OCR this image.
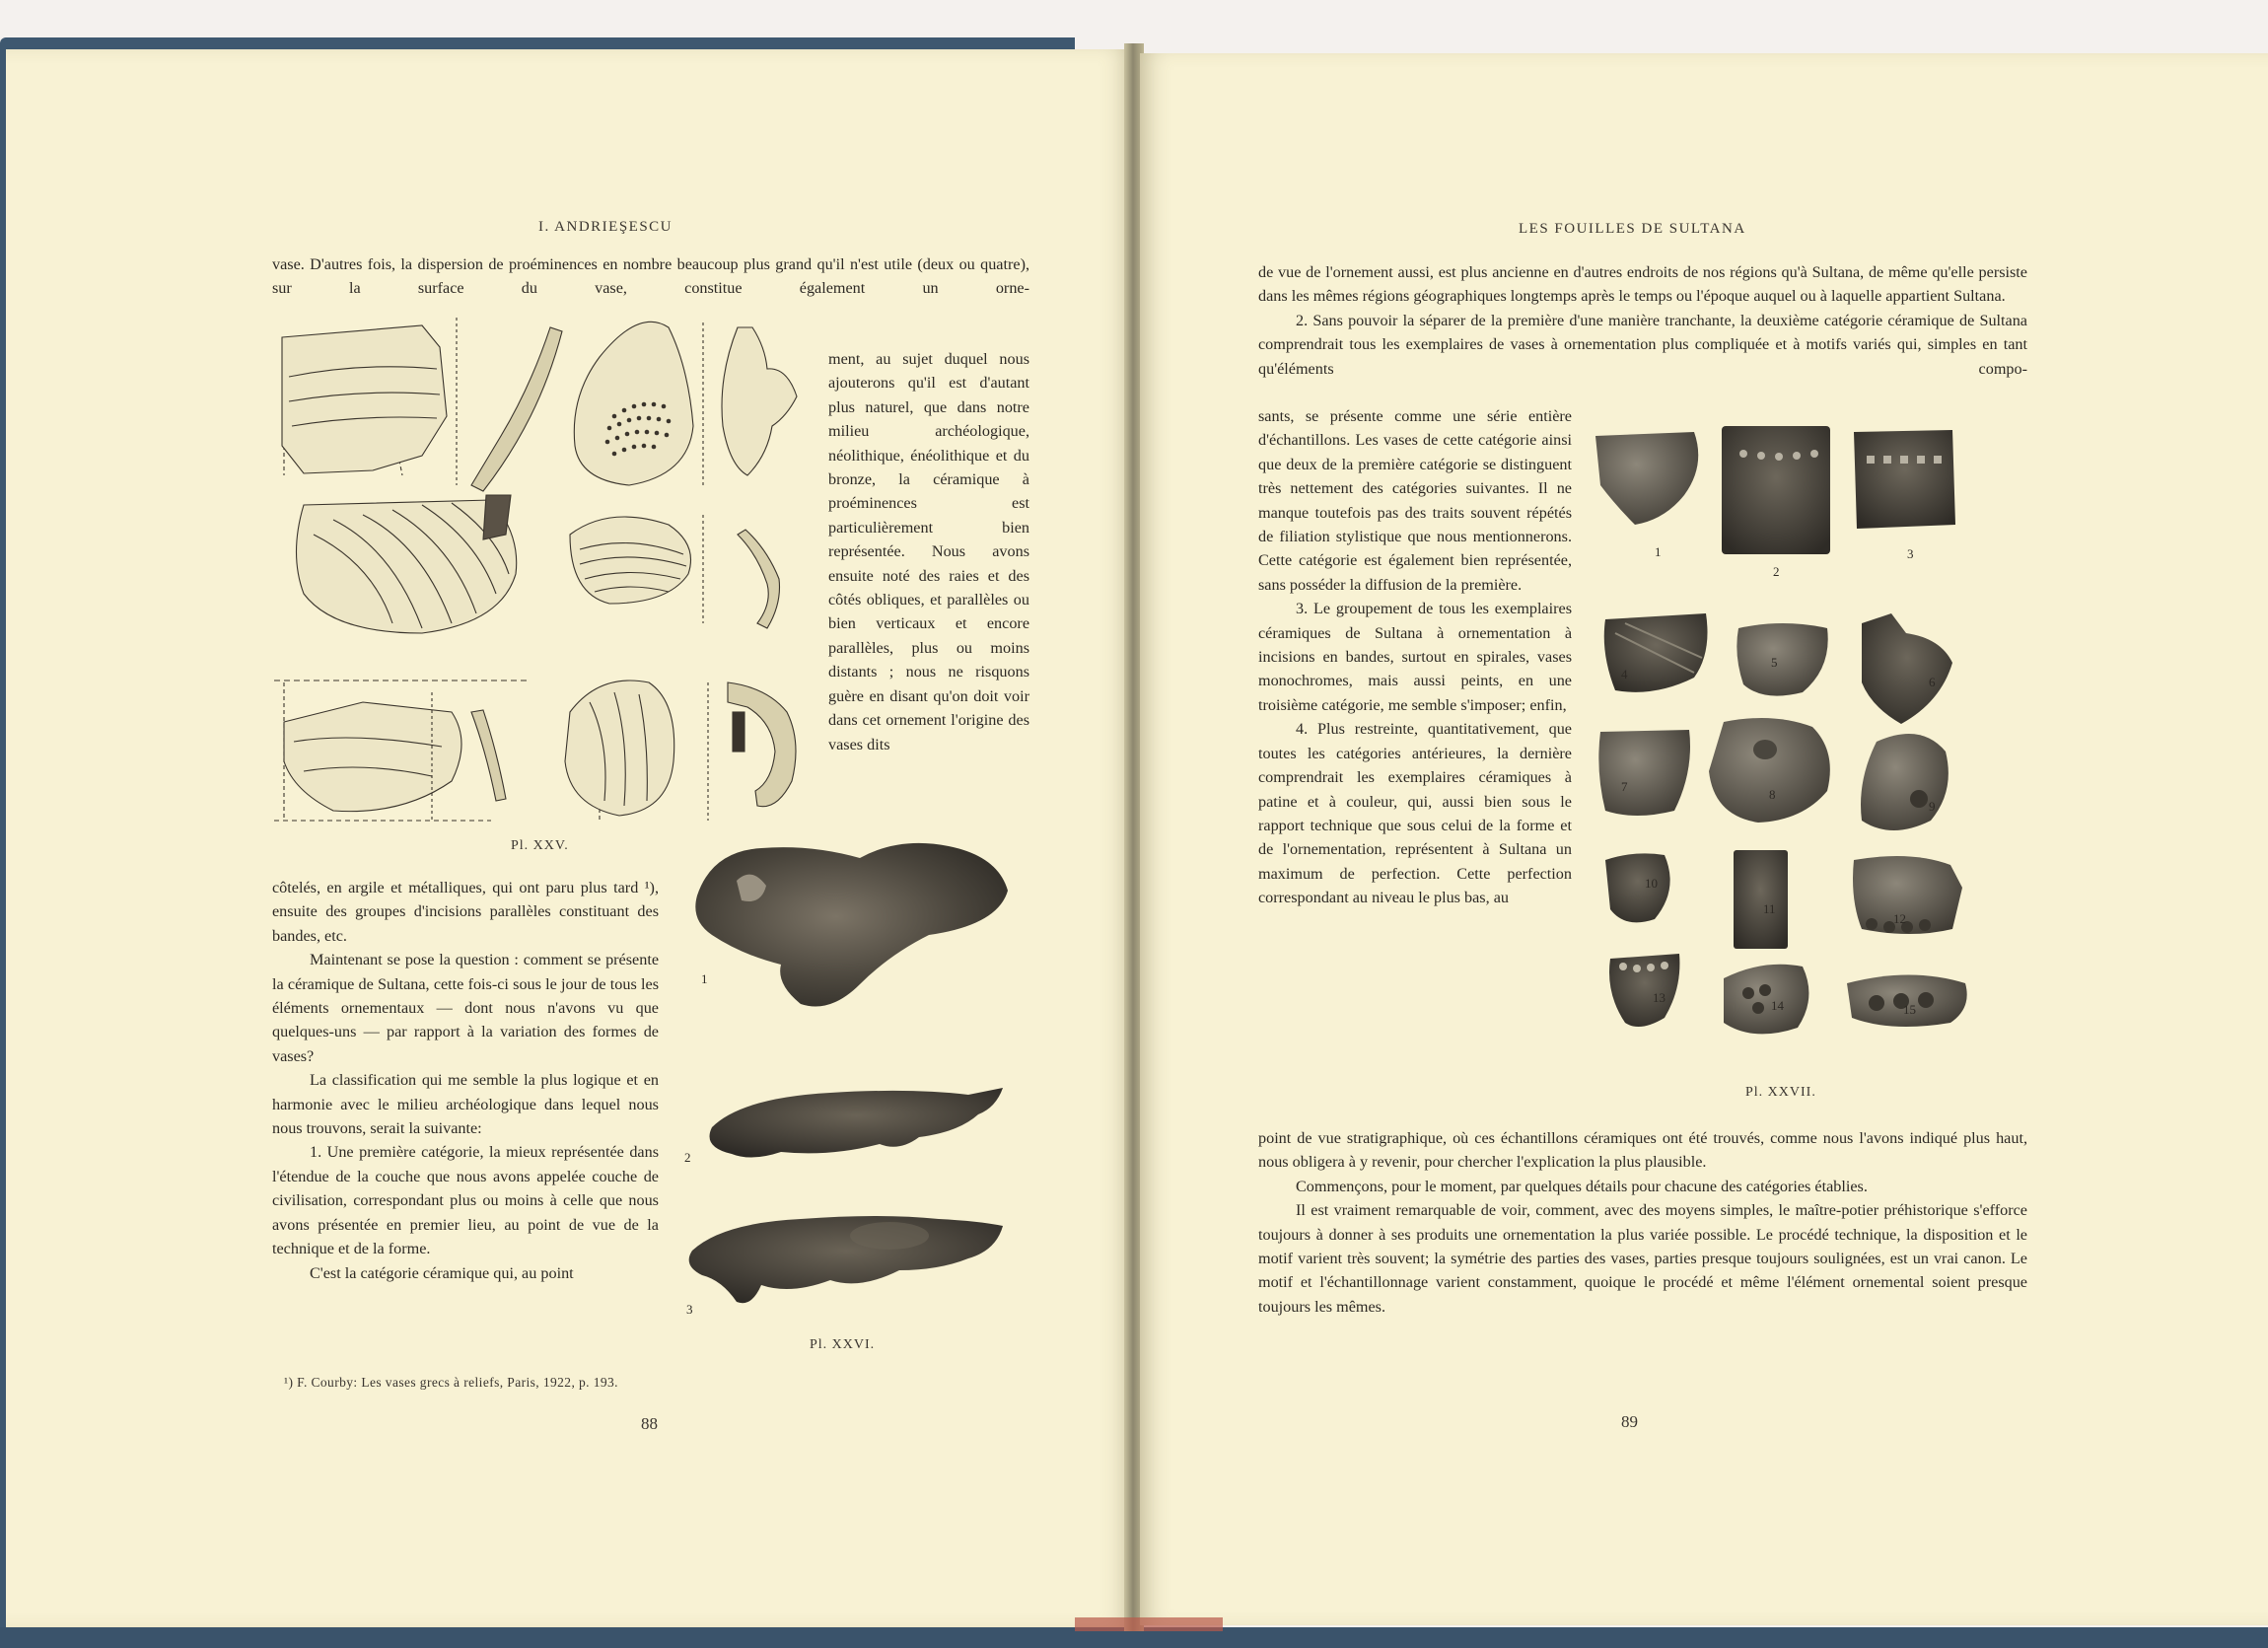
I. ANDRIEŞESCU

vase. D'autres fois, la dispersion de proéminences en nombre beaucoup plus grand qu'il n'est utile (deux ou quatre), sur la surface du vase, constitue également un orne-

ment, au sujet duquel nous ajouterons qu'il est d'autant plus naturel, que dans notre milieu archéologique, néolithique, énéolithique et du bronze, la céramique à proéminences est particulièrement bien représentée. Nous avons ensuite noté des raies et des côtés obliques, et parallèles ou bien verticaux et encore parallèles, plus ou moins distants ; nous ne risquons guère en disant qu'on doit voir dans cet ornement l'origine des vases dits

Pl. XXV.

côtelés, en argile et métalliques, qui ont paru plus tard ¹), ensuite des groupes d'incisions parallèles constituant des bandes, etc.

Maintenant se pose la question : comment se présente la céramique de Sultana, cette fois-ci sous le jour de tous les éléments ornementaux — dont nous n'avons vu que quelques-uns — par rapport à la variation des formes de vases?

La classification qui me semble la plus logique et en harmonie avec le milieu archéologique dans lequel nous nous trouvons, serait la suivante:

1. Une première catégorie, la mieux représentée dans l'étendue de la couche que nous avons appelée couche de civilisation, correspondant plus ou moins à celle que nous avons présentée en premier lieu, au point de vue de la technique et de la forme.

C'est la catégorie céramique qui, au point

1
2
3
Pl. XXVI.
¹) F. Courby: Les vases grecs à reliefs, Paris, 1922, p. 193.
88
LES FOUILLES DE SULTANA

de vue de l'ornement aussi, est plus ancienne en d'autres endroits de nos régions qu'à Sultana, de même qu'elle persiste dans les mêmes régions géographiques longtemps après le temps ou l'époque auquel ou à laquelle appartient Sultana.

2. Sans pouvoir la séparer de la première d'une manière tranchante, la deuxième catégorie céramique de Sultana comprendrait tous les exemplaires de vases à ornementation plus compliquée et à motifs variés qui, simples en tant qu'éléments compo-

sants, se présente comme une série entière d'échantillons. Les vases de cette catégorie ainsi que deux de la première catégorie se distinguent très nettement des catégories suivantes. Il ne manque toutefois pas des traits souvent répétés de filiation stylistique que nous mentionnerons. Cette catégorie est également bien représentée, sans posséder la diffusion de la première.

3. Le groupement de tous les exemplaires céramiques de Sultana à ornementation à incisions en bandes, surtout en spirales, vases monochromes, mais aussi peints, en une troisième catégorie, me semble s'imposer; enfin,

4. Plus restreinte, quantitativement, que toutes les catégories antérieures, la dernière comprendrait les exemplaires céramiques à patine et à couleur, qui, aussi bien sous le rapport technique que sous celui de la forme et de l'ornementation, représentent à Sultana un maximum de perfection. Cette perfection correspondant au niveau le plus bas, au

1
2
3
4
5
6
7
8
9
10
11
12
13
14	15
Pl. XXVII.

point de vue stratigraphique, où ces échantillons céramiques ont été trouvés, comme nous l'avons indiqué plus haut, nous obligera à y revenir, pour chercher l'explication la plus plausible.

Commençons, pour le moment, par quelques détails pour chacune des catégories établies.

Il est vraiment remarquable de voir, comment, avec des moyens simples, le maître-potier préhistorique s'efforce toujours à donner à ses produits une ornementation la plus variée possible. Le procédé technique, la disposition et le motif varient très souvent; la symétrie des parties des vases, parties presque toujours soulignées, est un vrai canon. Le motif et l'échantillonnage varient constamment, quoique le procédé et même l'élément ornemental soient presque toujours les mêmes.

89
